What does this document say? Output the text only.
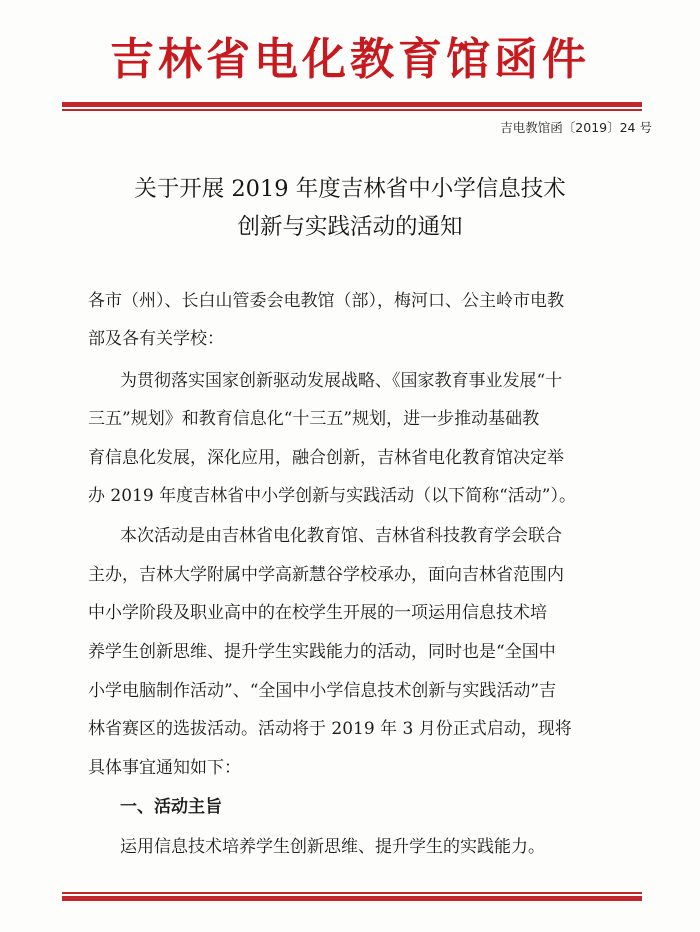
吉林省电化教育馆函件
吉电教馆函〔2019〕24 号
关于开展 2019 年度吉林省中小学信息技术
创新与实践活动的通知
各市（州）、长白山管委会电教馆（部），梅河口、公主岭市电教
部及各有关学校：
为贯彻落实国家创新驱动发展战略、《国家教育事业发展“十
三五”规划》和教育信息化“十三五”规划，进一步推动基础教
育信息化发展，深化应用，融合创新，吉林省电化教育馆决定举
办 2019 年度吉林省中小学创新与实践活动（以下简称“活动”）。
本次活动是由吉林省电化教育馆、吉林省科技教育学会联合
主办，吉林大学附属中学高新慧谷学校承办，面向吉林省范围内
中小学阶段及职业高中的在校学生开展的一项运用信息技术培
养学生创新思维、提升学生实践能力的活动，同时也是“全国中
小学电脑制作活动”、“全国中小学信息技术创新与实践活动”吉
林省赛区的选拔活动。活动将于 2019 年 3 月份正式启动，现将
具体事宜通知如下：
一、活动主旨
运用信息技术培养学生创新思维、提升学生的实践能力。
